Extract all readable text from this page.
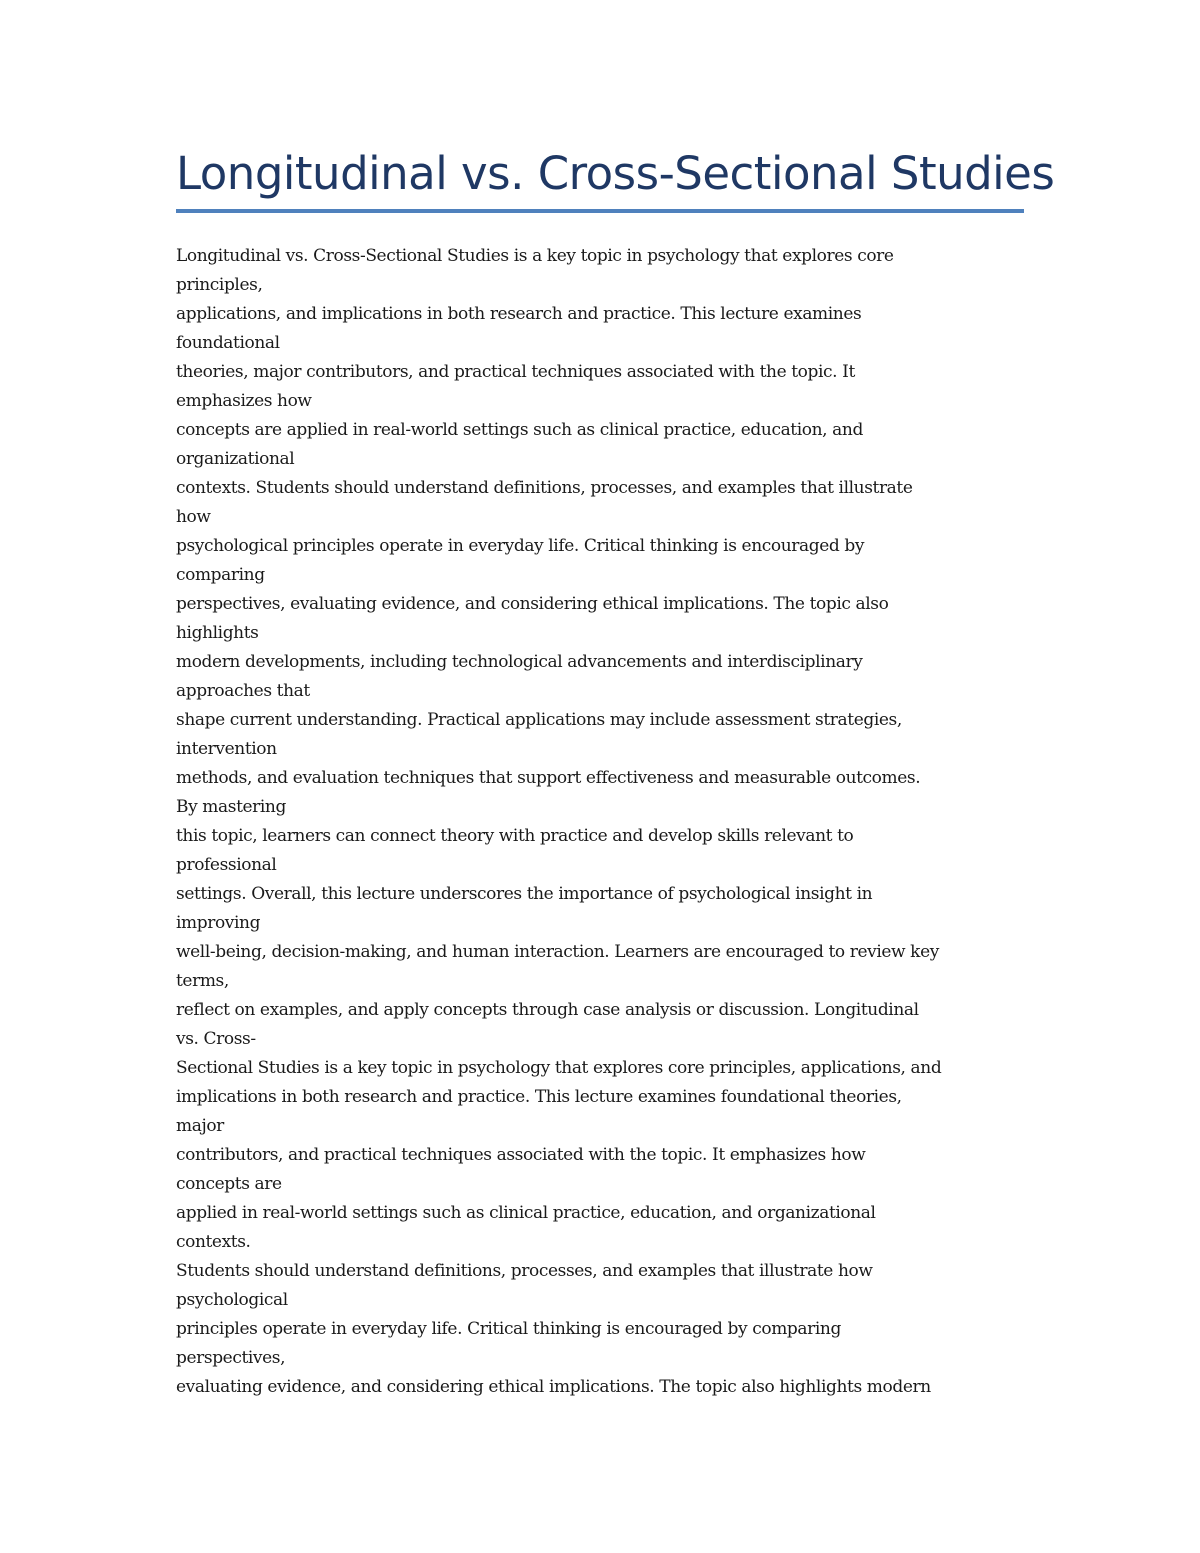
Longitudinal vs. Cross-Sectional Studies
Longitudinal vs. Cross-Sectional Studies is a key topic in psychology that explores core
principles,
applications, and implications in both research and practice. This lecture examines
foundational
theories, major contributors, and practical techniques associated with the topic. It
emphasizes how
concepts are applied in real-world settings such as clinical practice, education, and
organizational
contexts. Students should understand definitions, processes, and examples that illustrate
how
psychological principles operate in everyday life. Critical thinking is encouraged by
comparing
perspectives, evaluating evidence, and considering ethical implications. The topic also
highlights
modern developments, including technological advancements and interdisciplinary
approaches that
shape current understanding. Practical applications may include assessment strategies,
intervention
methods, and evaluation techniques that support effectiveness and measurable outcomes.
By mastering
this topic, learners can connect theory with practice and develop skills relevant to
professional
settings. Overall, this lecture underscores the importance of psychological insight in
improving
well-being, decision-making, and human interaction. Learners are encouraged to review key
terms,
reflect on examples, and apply concepts through case analysis or discussion. Longitudinal
vs. Cross-
Sectional Studies is a key topic in psychology that explores core principles, applications, and
implications in both research and practice. This lecture examines foundational theories,
major
contributors, and practical techniques associated with the topic. It emphasizes how
concepts are
applied in real-world settings such as clinical practice, education, and organizational
contexts.
Students should understand definitions, processes, and examples that illustrate how
psychological
principles operate in everyday life. Critical thinking is encouraged by comparing
perspectives,
evaluating evidence, and considering ethical implications. The topic also highlights modern
